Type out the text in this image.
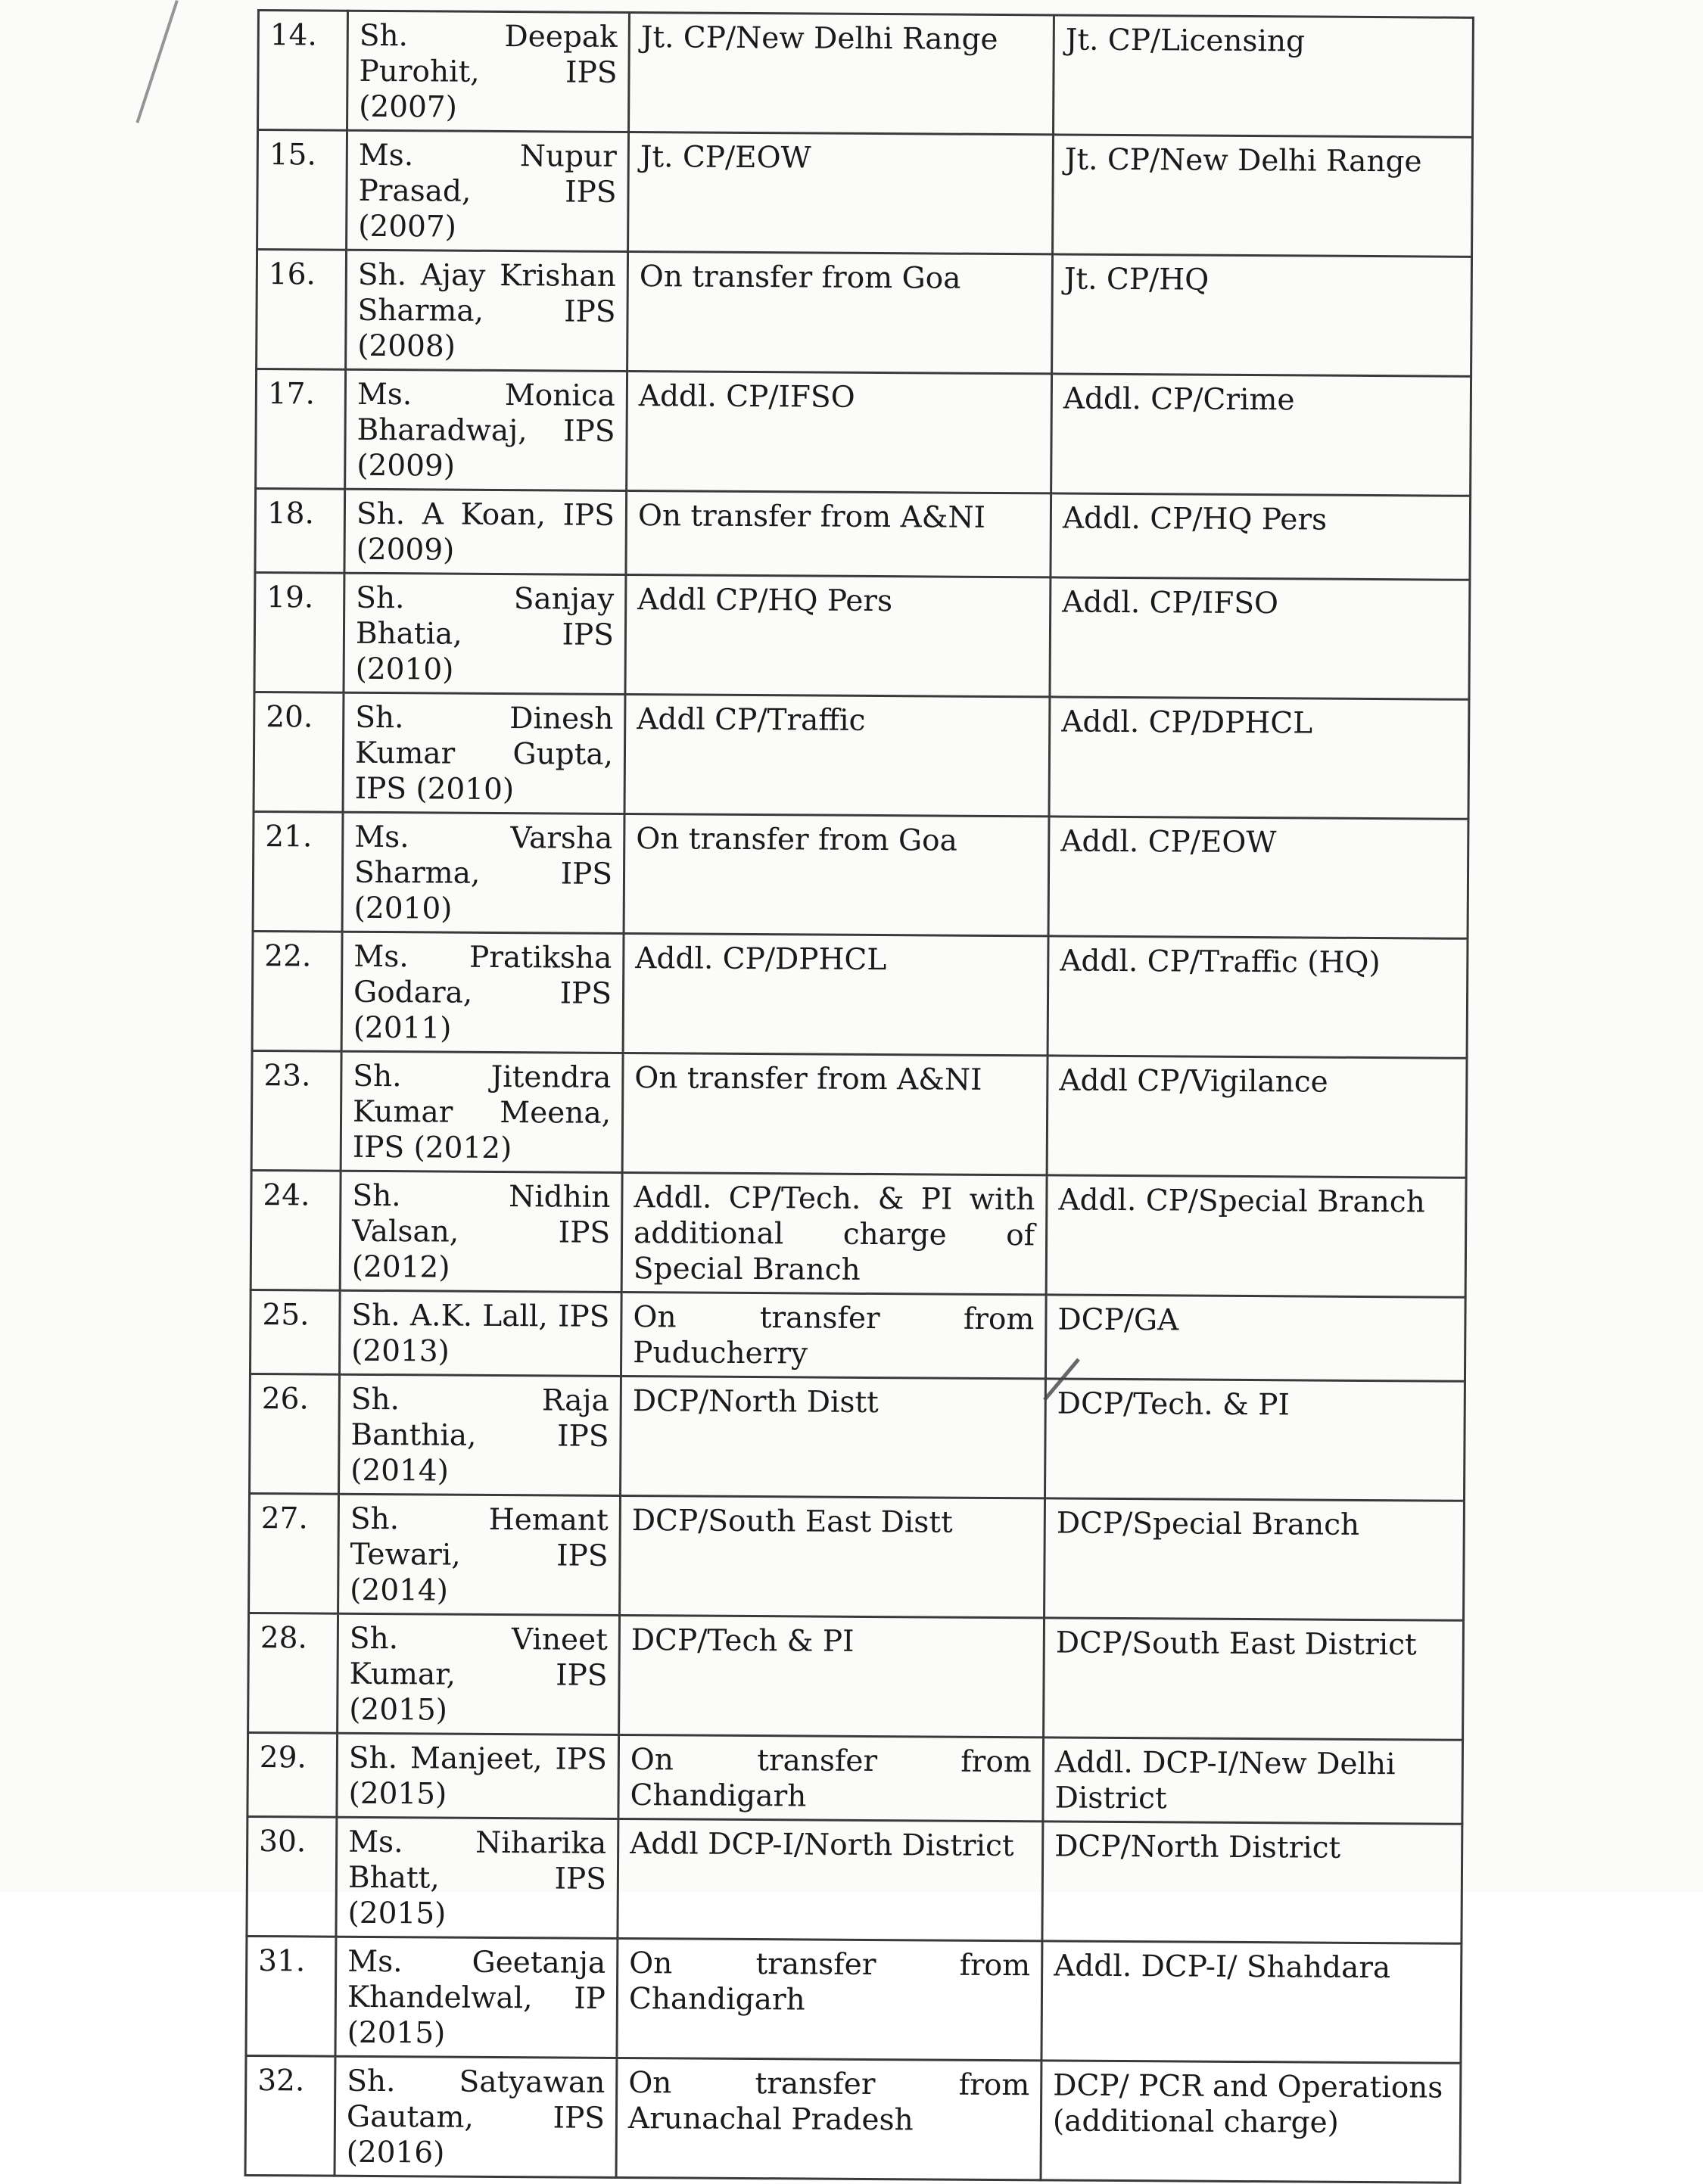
14.	Sh. Deepak Purohit, IPS (2007)	Jt. CP/New Delhi Range	Jt. CP/Licensing
15.	Ms. Nupur Prasad, IPS (2007)	Jt. CP/EOW	Jt. CP/New Delhi Range
16.	Sh. Ajay Krishan Sharma, IPS (2008)	On transfer from Goa	Jt. CP/HQ
17.	Ms. Monica Bharadwaj, IPS (2009)	Addl. CP/IFSO	Addl. CP/Crime
18.	Sh. A Koan, IPS (2009)	On transfer from A&NI	Addl. CP/HQ Pers
19.	Sh. Sanjay Bhatia, IPS (2010)	Addl CP/HQ Pers	Addl. CP/IFSO
20.	Sh. Dinesh Kumar Gupta, IPS (2010)	Addl CP/Traffic	Addl. CP/DPHCL
21.	Ms. Varsha Sharma, IPS (2010)	On transfer from Goa	Addl. CP/EOW
22.	Ms. Pratiksha Godara, IPS (2011)	Addl. CP/DPHCL	Addl. CP/Traffic (HQ)
23.	Sh. Jitendra Kumar Meena, IPS (2012)	On transfer from A&NI	Addl CP/Vigilance
24.	Sh. Nidhin Valsan, IPS (2012)	Addl. CP/Tech. & PI with additional charge of Special Branch	Addl. CP/Special Branch
25.	Sh. A.K. Lall, IPS (2013)	On transfer from Puducherry	DCP/GA
26.	Sh. Raja Banthia, IPS (2014)	DCP/North Distt	DCP/Tech. & PI
27.	Sh. Hemant Tewari, IPS (2014)	DCP/South East Distt	DCP/Special Branch
28.	Sh. Vineet Kumar, IPS (2015)	DCP/Tech & PI	DCP/South East District
29.	Sh. Manjeet, IPS (2015)	On transfer from Chandigarh	Addl. DCP-I/New Delhi District
30.	Ms. Niharika Bhatt, IPS (2015)	Addl DCP-I/North District	DCP/North District
31.	Ms. Geetanja Khandelwal, IP (2015)	On transfer from Chandigarh	Addl. DCP-I/ Shahdara
32.	Sh. Satyawan Gautam, IPS (2016)	On transfer from Arunachal Pradesh	DCP/ PCR and Operations (additional charge)
